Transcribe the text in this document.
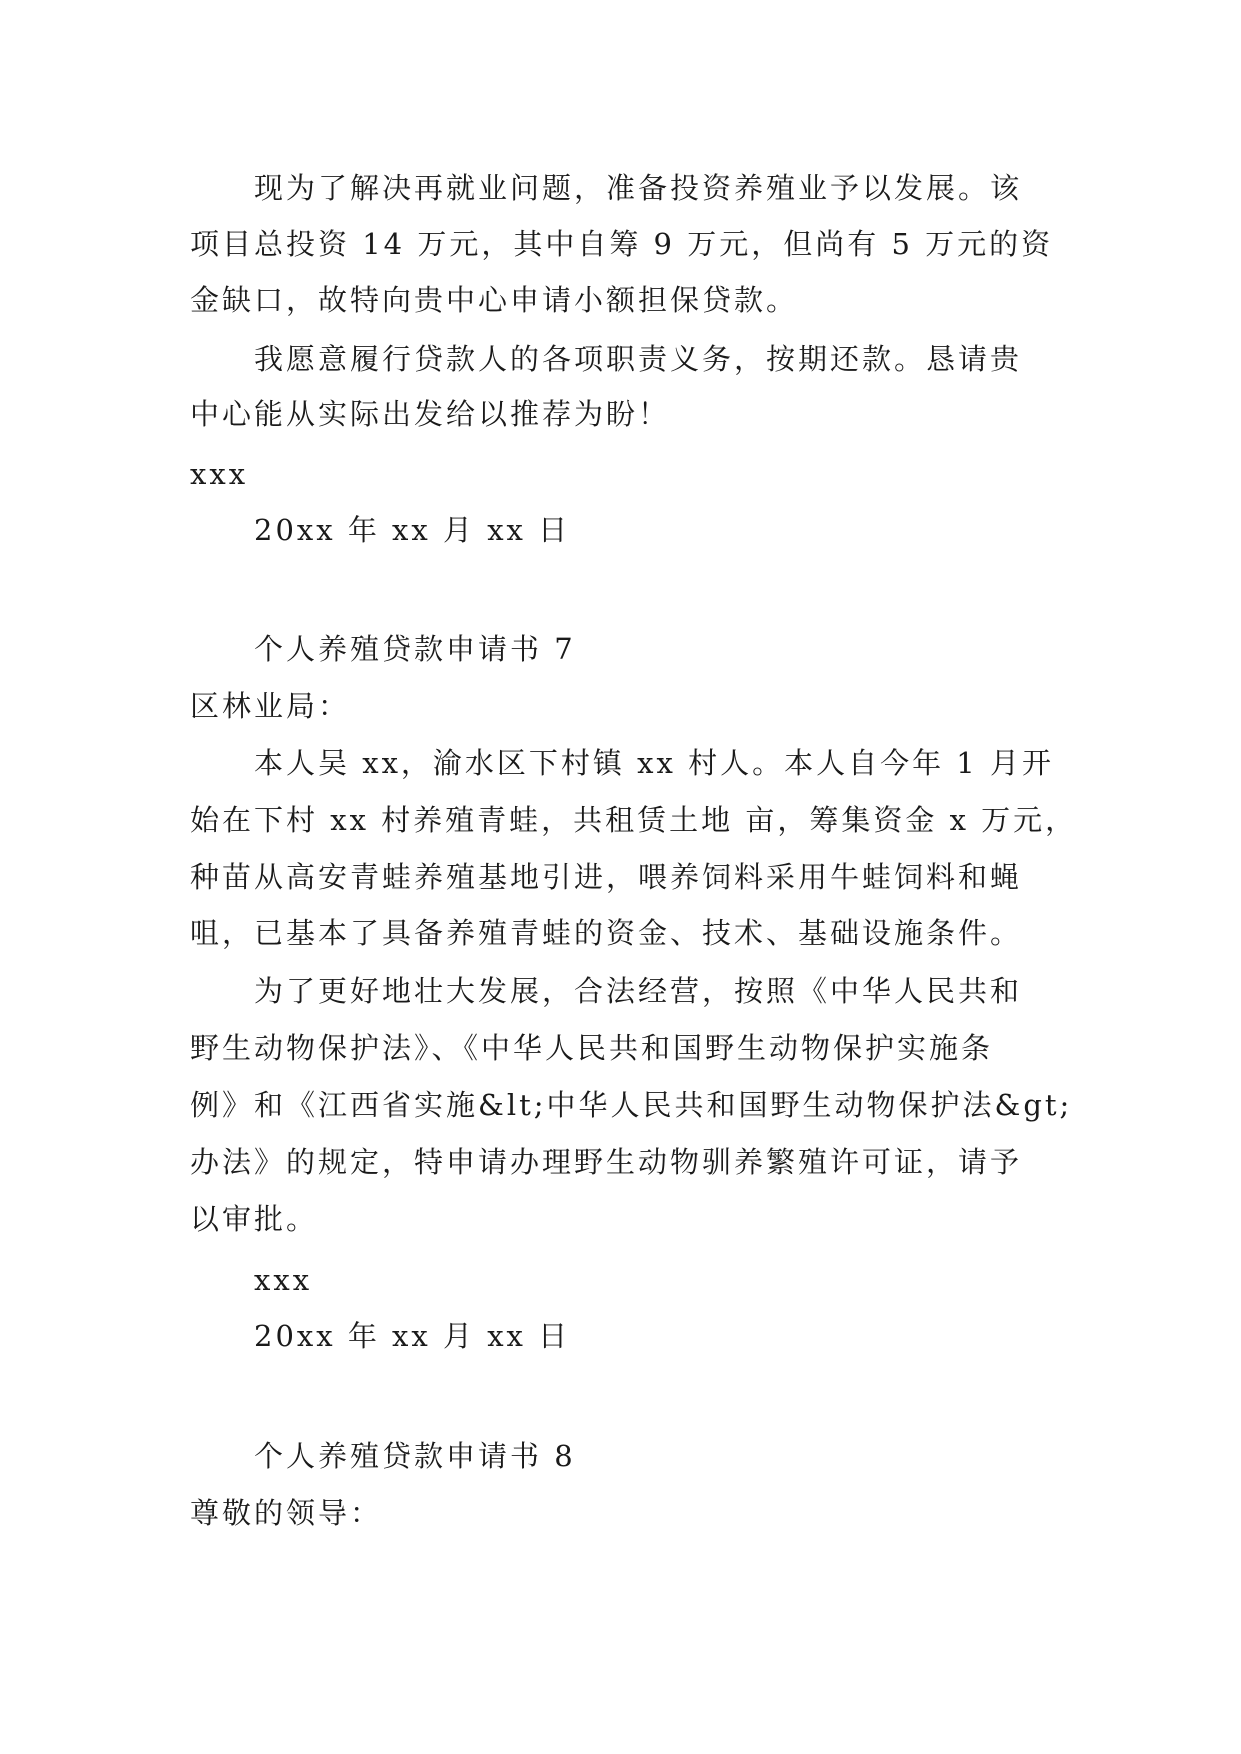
现为了解决再就业问题，准备投资养殖业予以发展。该
项目总投资 14 万元，其中自筹 9 万元，但尚有 5 万元的资
金缺口，故特向贵中心申请小额担保贷款。
我愿意履行贷款人的各项职责义务，按期还款。恳请贵
中心能从实际出发给以推荐为盼！
xxx
20xx 年 xx 月 xx 日
个人养殖贷款申请书 7
区林业局：
本人吴 xx，渝水区下村镇 xx 村人。本人自今年 1 月开
始在下村 xx 村养殖青蛙，共租赁土地 亩，筹集资金 x 万元，
种苗从高安青蛙养殖基地引进，喂养饲料采用牛蛙饲料和蝇
咀，已基本了具备养殖青蛙的资金、技术、基础设施条件。
为了更好地壮大发展，合法经营，按照《中华人民共和
野生动物保护法》、《中华人民共和国野生动物保护实施条
例》和《江西省实施&lt;中华人民共和国野生动物保护法&gt;
办法》的规定，特申请办理野生动物驯养繁殖许可证，请予
以审批。
xxx
20xx 年 xx 月 xx 日
个人养殖贷款申请书 8
尊敬的领导：
